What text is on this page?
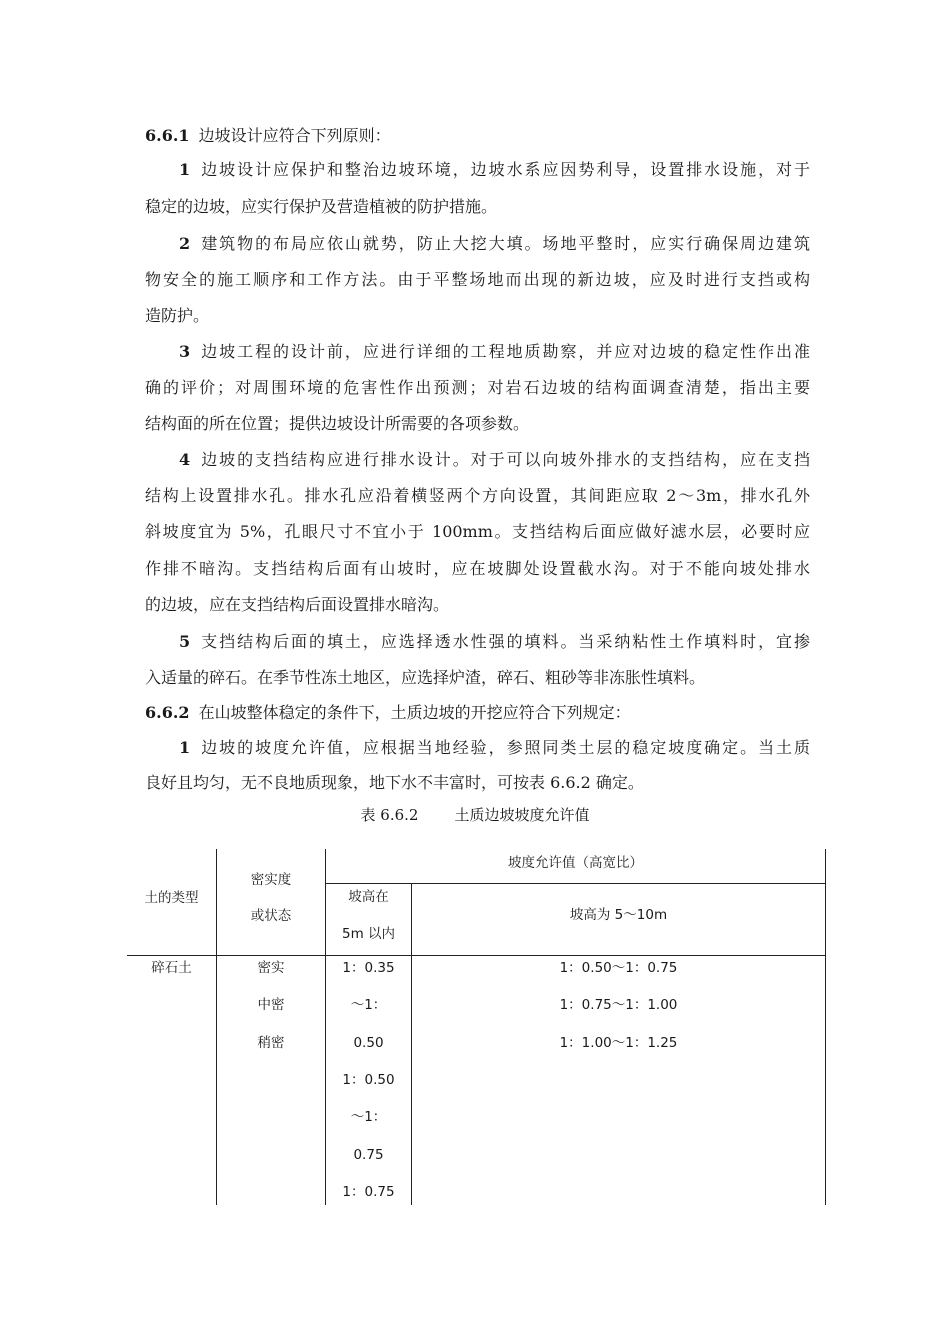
6.6.1 边坡设计应符合下列原则：
1 边坡设计应保护和整治边坡环境，边坡水系应因势利导，设置排水设施，对于
稳定的边坡，应实行保护及营造植被的防护措施。
2 建筑物的布局应依山就势，防止大挖大填。场地平整时，应实行确保周边建筑
物安全的施工顺序和工作方法。由于平整场地而出现的新边坡，应及时进行支挡或构
造防护。
3 边坡工程的设计前，应进行详细的工程地质勘察，并应对边坡的稳定性作出准
确的评价；对周围环境的危害性作出预测；对岩石边坡的结构面调查清楚，指出主要
结构面的所在位置；提供边坡设计所需要的各项参数。
4 边坡的支挡结构应进行排水设计。对于可以向坡外排水的支挡结构，应在支挡
结构上设置排水孔。排水孔应沿着横竖两个方向设置，其间距应取 2～3m，排水孔外
斜坡度宜为 5%，孔眼尺寸不宜小于 100mm。支挡结构后面应做好滤水层，必要时应
作排不暗沟。支挡结构后面有山坡时，应在坡脚处设置截水沟。对于不能向坡处排水
的边坡，应在支挡结构后面设置排水暗沟。
5 支挡结构后面的填土，应选择透水性强的填料。当采纳粘性土作填料时，宜掺
入适量的碎石。在季节性冻土地区，应选择炉渣，碎石、粗砂等非冻胀性填料。
6.6.2 在山坡整体稳定的条件下，土质边坡的开挖应符合下列规定：
1 边坡的坡度允许值，应根据当地经验，参照同类土层的稳定坡度确定。当土质
良好且均匀，无不良地质现象，地下水不丰富时，可按表 6.6.2 确定。
表 6.6.2 土质边坡坡度允许值
土的类型
密实度
或状态
坡度允许值（高宽比）
坡高在
5m 以内
坡高为 5～10m
碎石土	密实
中密
稍密
1：0.35
～1：
0.50
1：0.50
～1：
0.75
1：0.75
1：0.50～1：0.75
1：0.75～1：1.00
1：1.00～1：1.25
